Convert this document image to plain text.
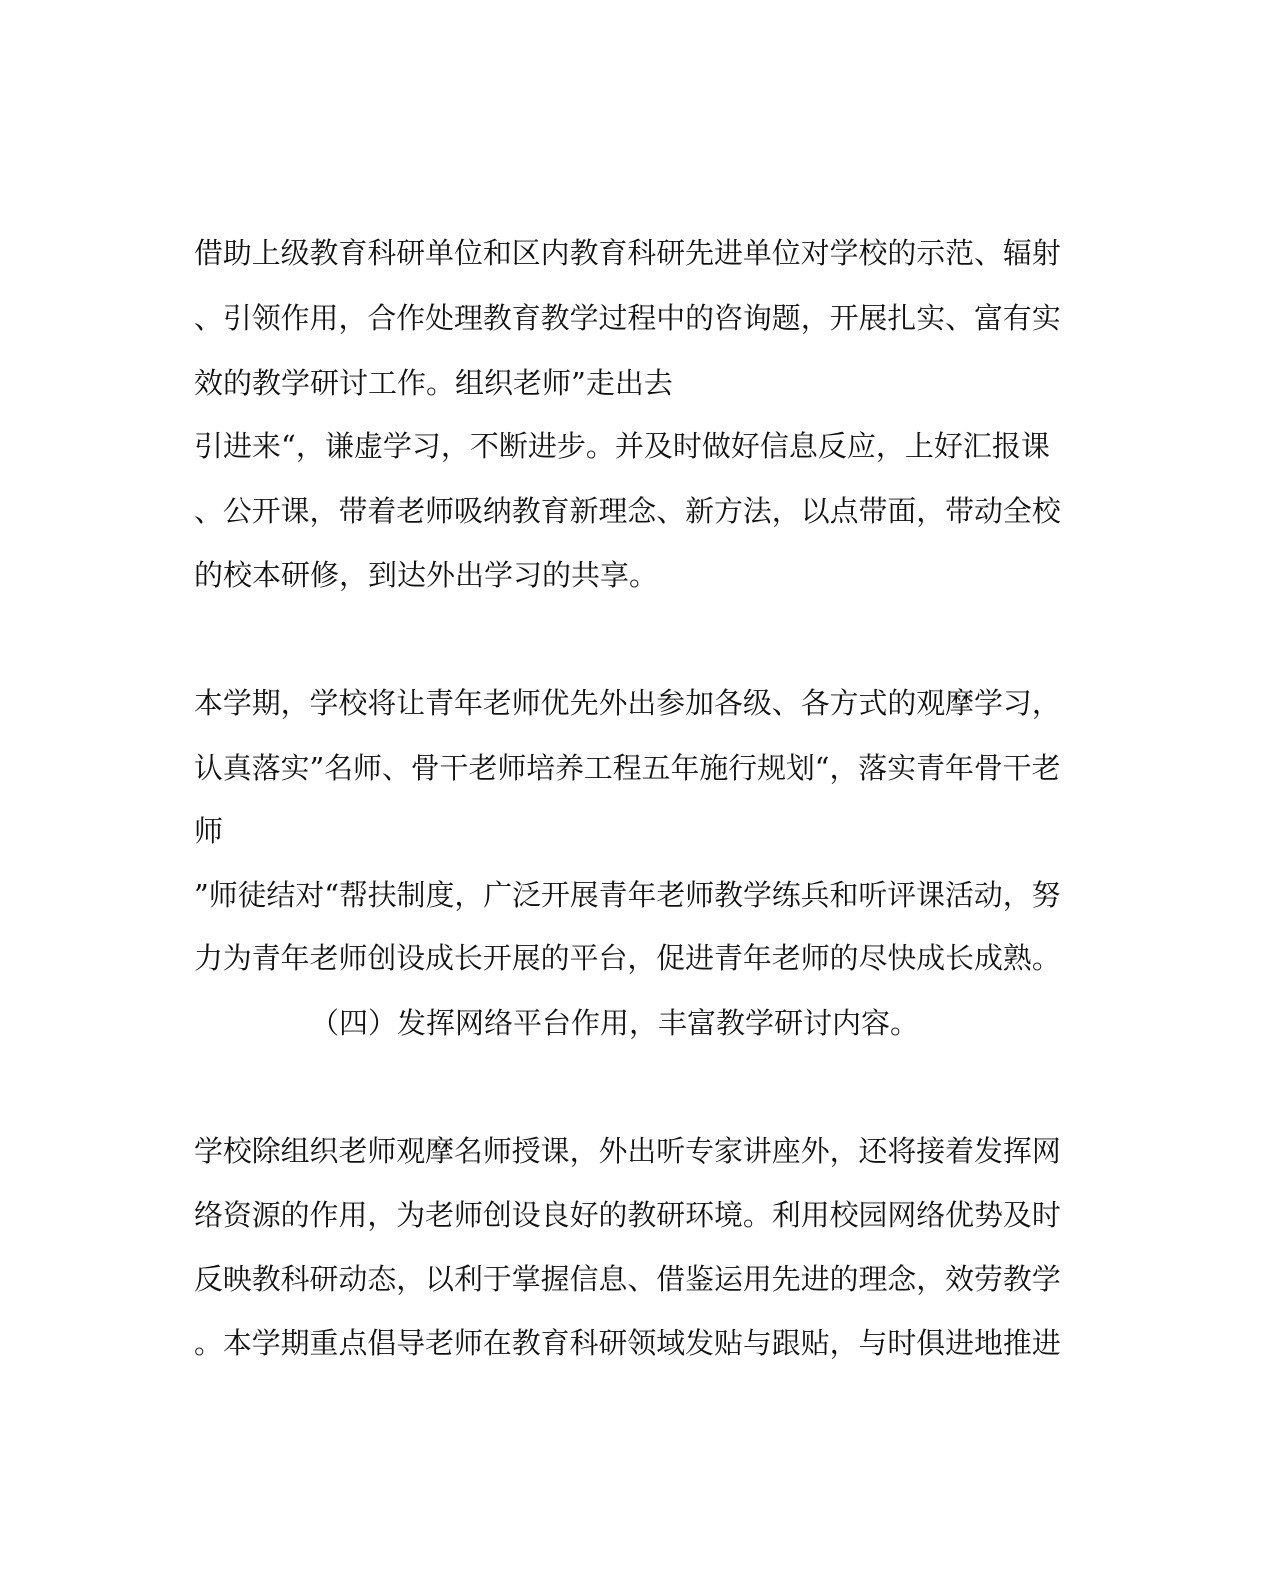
借助上级教育科研单位和区内教育科研先进单位对学校的示范、辐射
、引领作用，合作处理教育教学过程中的咨询题，开展扎实、富有实
效的教学研讨工作。组织老师”走出去
引进来“，谦虚学习，不断进步。并及时做好信息反应，上好汇报课
、公开课，带着老师吸纳教育新理念、新方法，以点带面，带动全校
的校本研修，到达外出学习的共享。
本学期，学校将让青年老师优先外出参加各级、各方式的观摩学习，
认真落实”名师、骨干老师培养工程五年施行规划“，落实青年骨干老
师
”师徒结对“帮扶制度，广泛开展青年老师教学练兵和听评课活动，努
力为青年老师创设成长开展的平台，促进青年老师的尽快成长成熟。
（四）发挥网络平台作用，丰富教学研讨内容。
学校除组织老师观摩名师授课，外出听专家讲座外，还将接着发挥网
络资源的作用，为老师创设良好的教研环境。利用校园网络优势及时
反映教科研动态，以利于掌握信息、借鉴运用先进的理念，效劳教学
。本学期重点倡导老师在教育科研领域发贴与跟贴，与时俱进地推进
